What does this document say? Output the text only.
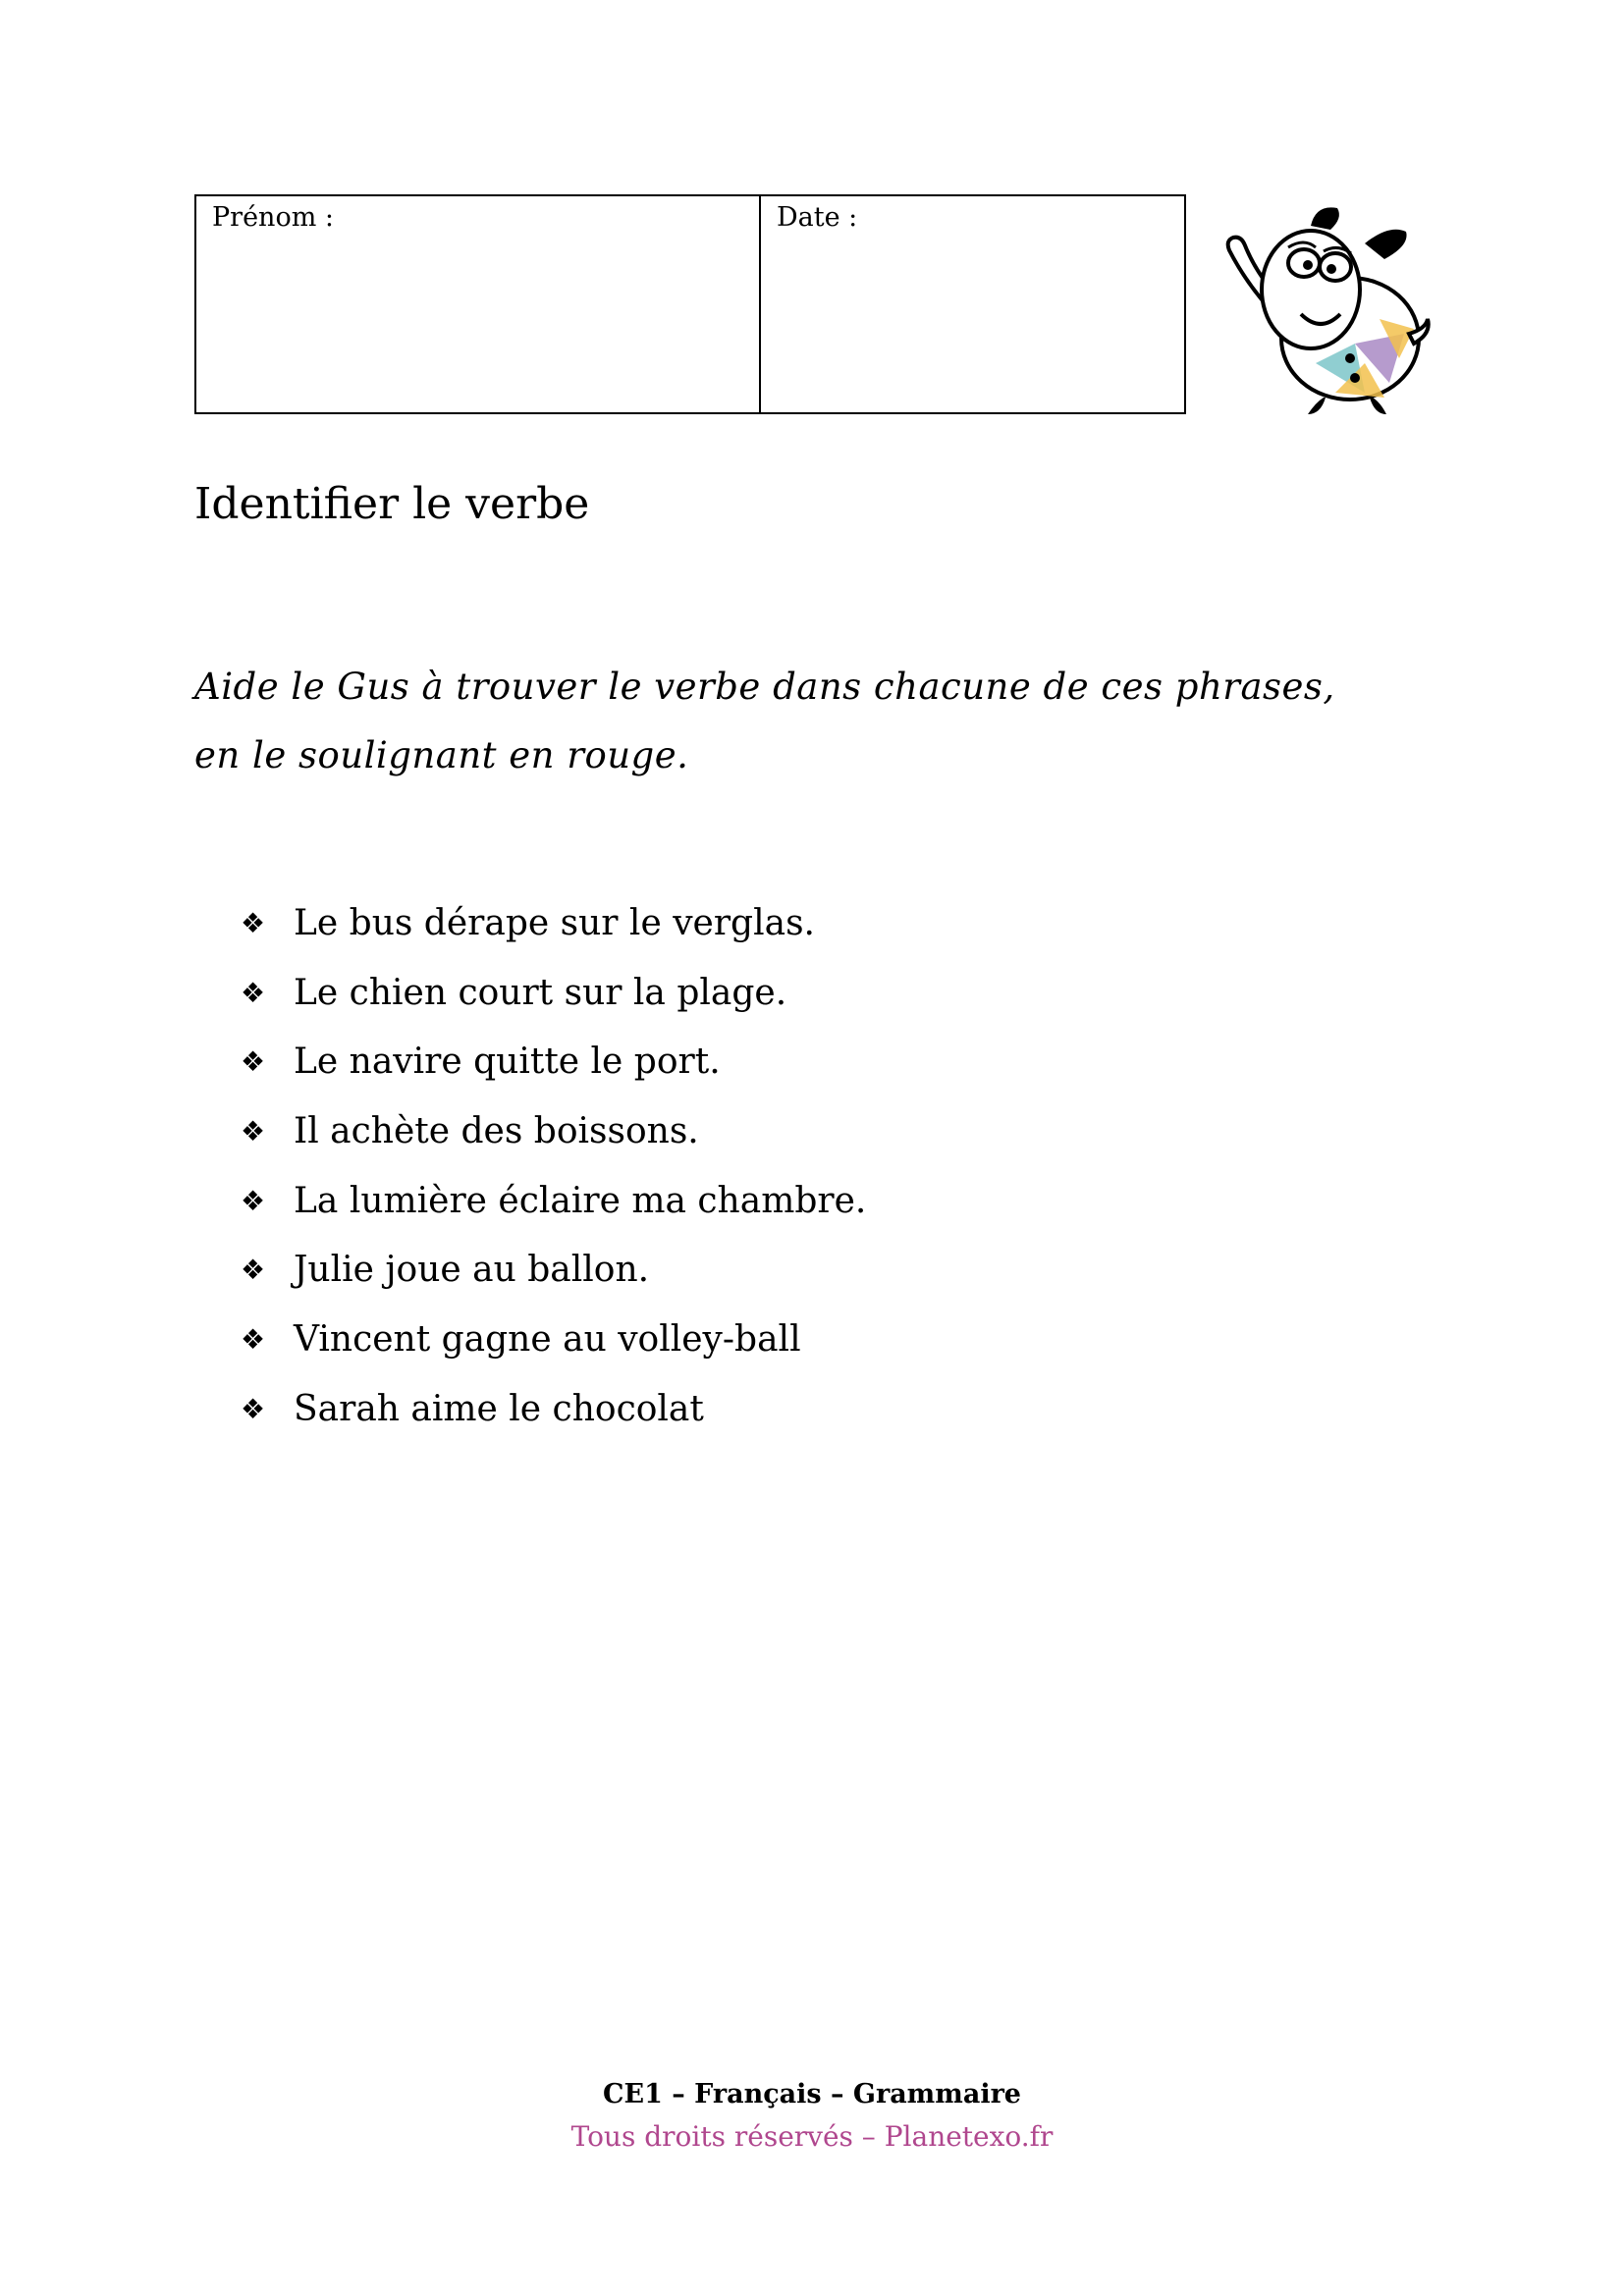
Prénom :	Date :
Identifier le verbe
Aide le Gus à trouver le verbe dans chacune de ces phrases,
en le soulignant en rouge.
❖ Le bus dérape sur le verglas.
❖ Le chien court sur la plage.
❖ Le navire quitte le port.
❖ Il achète des boissons.
❖ La lumière éclaire ma chambre.
❖ Julie joue au ballon.
❖ Vincent gagne au volley-ball
❖ Sarah aime le chocolat
CE1 – Français – Grammaire
Tous droits réservés – Planetexo.fr
